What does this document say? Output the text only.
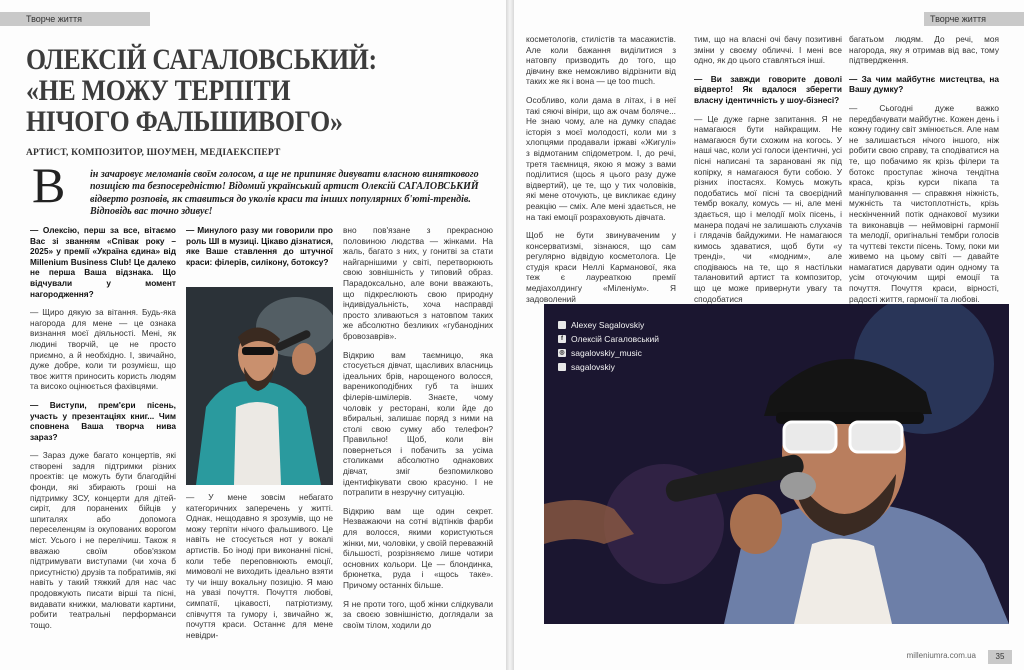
Творче життя
ОЛЕКСІЙ САГАЛОВСЬКИЙ:
«НЕ МОЖУ ТЕРПІТИ
НІЧОГО ФАЛЬШИВОГО»
АРТИСТ, КОМПОЗИТОР, ШОУМЕН, МЕДІАЕКСПЕРТ
В ін зачаровує меломанів своїм голосом, а ще не припиняє дивувати власною виняткового позицією та безпосередністю! Відомий український артист Олексій САГАЛОВСЬКИЙ відверто розповів, як ставиться до уколів краси та інших популярних б'юті-трендів. Відповідь вас точно здивує!

— Олексію, перш за все, вітаємо Вас зі званням «Співак року – 2025» у премії «Україна єдина» від Millenium Business Club! Це далеко не перша Ваша відзнака. Що відчували у момент нагородження?

— Щиро дякую за вітання. Будь-яка нагорода для мене — це ознака визнання моєї діяльності. Мені, як людині творчій, це не просто приємно, а й необхідно. І, звичайно, дуже добре, коли ти розумієш, що твоє життя приносить користь людям та високо оцінюється фахівцями.

— Виступи, прем'єри пісень, участь у презентаціях книг... Чим сповнена Ваша творча нива зараз?

— Зараз дуже багато концертів, які створені задля підтримки різних проєктів: це можуть бути благодійні фонди, які збирають гроші на підтримку ЗСУ, концерти для дітей-сиріт, для поранених бійців у шпиталях або допомога переселенцям із окупованих ворогом міст. Усього і не перелічиш. Також я вважаю своїм обов'язком підтримувати виступами (чи хоча б присутністю) друзів та побратимів, які навіть у такий тяжкий для нас час продовжують писати вірші та пісні, видавати книжки, малювати картини, робити театральні перформанси тощо.

— Минулого разу ми говорили про роль ШІ в музиці. Цікаво дізнатися, яке Ваше ставлення до штучної краси: філерів, силікону, ботоксу?

— У мене зовсім небагато категоричних заперечень у житті. Однак, нещодавно я зрозумів, що не можу терпіти нічого фальшивого. Це навіть не стосується нот у вокалі артистів. Бо іноді при виконанні пісні, коли тебе переповнюють емоції, мимоволі не виходить ідеально взяти ту чи іншу вокальну позицію. Я маю на увазі почуття. Почуття любові, симпатії, цікавості, патріотизму, співчуття та гумору і, звичайно ж, почуття краси. Останнє для мене невідри-

вно пов'язане з прекрасною половиною людства — жінками. На жаль, багато з них, у гонитві за стати найгарнішими у світі, перетворюють свою зовнішність у типовий образ. Парадоксально, але вони вважають, що підкреслюють свою природну індивідуальність, хоча насправді просто зливаються з натовпом таких же абсолютно безликих «губанодіних бровозаврів».

Відкрию вам таємницю, яка стосується дівчат, щасливих власниць ідеальних брів, нарощеного волосся, вареникоподібних губ та інших філерів-шмілерів. Знаєте, чому чоловік у ресторані, коли йде до вбиральні, залишає поряд з ними на столі свою сумку або телефон? Правильно! Щоб, коли він повернеться і побачить за усіма столиками абсолютно однакових дівчат, зміг безпомилково ідентифікувати свою красуню. І не потрапити в незручну ситуацію.

Відкрию вам ще один секрет. Незважаючи на сотні відтінків фарби для волосся, якими користуються жінки, ми, чоловіки, у своїй переважній більшості, розрізняємо лише чотири основних кольори. Це — блондинка, брюнетка, руда і «щось таке». Причому останніх більше.

Я не проти того, щоб жінки слідкували за своєю зовнішністю, доглядали за своїм тілом, ходили до

Творче життя

косметологів, стилістів та масажистів. Але коли бажання виділитися з натовпу призводить до того, що дівчину вже неможливо відрізнити від таких же як і вона — це too much.

Особливо, коли дама в літах, і в неї такі сяючі вініри, що аж очам боляче... Не знаю чому, але на думку спадає історія з моєї молодості, коли ми з хлопцями продавали іржаві «Жигулі» з відмотаним спідометром. І, до речі, третя таємниця, якою я можу з вами поділитися (щось я цього разу дуже відвертий), це те, що у тих чоловіків, які мене оточують, це викликає єдину реакцію — сміх. Але мені здається, не на такі емоції розраховують дівчата.

Щоб не бути звинуваченим у консерватизмі, зізнаюся, що сам регулярно відвідую косметолога. Це студія краси Неллі Карманової, яка теж є лауреаткою премії медіахолдингу «Міленіум». Я задоволений

тим, що на власні очі бачу позитивні зміни у своєму обличчі. І мені все одно, як до цього ставляться інші.

— Ви завжди говорите доволі відверто! Як вдалося зберегти власну ідентичність у шоу-бізнесі?

— Це дуже гарне запитання. Я не намагаюся бути найкращим. Не намагаюся бути схожим на когось. У наші час, коли усі голоси ідентичні, усі пісні написані та зарановані як під копірку, я намагаюся бути собою. У різних іпостасях. Комусь можуть подобатись мої пісні та своєрідний тембр вокалу, комусь — ні, але мені здається, що і мелодії моїх пісень, і манера подачі не залишають слухачів і глядачів байдужими. Не намагаюся кимось здаватися, щоб бути «у тренді», чи «модним», але сподіваюсь на те, що я настільки талановитий артист та композитор, що це може привернути увагу та сподобатися

багатьом людям. До речі, моя нагорода, яку я отримав від вас, тому підтвердження.

— За чим майбутнє мистецтва, на Вашу думку?

— Сьогодні дуже важко передбачувати майбутнє. Кожен день і кожну годину світ змінюється. Але нам не залишається нічого іншого, ніж робити свою справу, та сподіватися на те, що побачимо як крізь філери та ботокс проступає жіноча тендітна краса, крізь курси пікапа та маніпулювання — справжня ніжність, мужність та чистоплотність, крізь нескінченний потік однакової музики та виконавців — неймовірні гармонії та мелодії, оригінальні тембри голосів та чуттєві тексти пісень. Тому, поки ми живемо на цьому світі — давайте намагатися дарувати один одному та усім оточуючим щирі емоції та почуття. Почуття краси, вірності, радості життя, гармонії та любові.

Alexey Sagalovskiy
f Олексій Сагаловський
◎ sagalovskiy_music
sagalovskiy
milleniumra.com.ua	35
